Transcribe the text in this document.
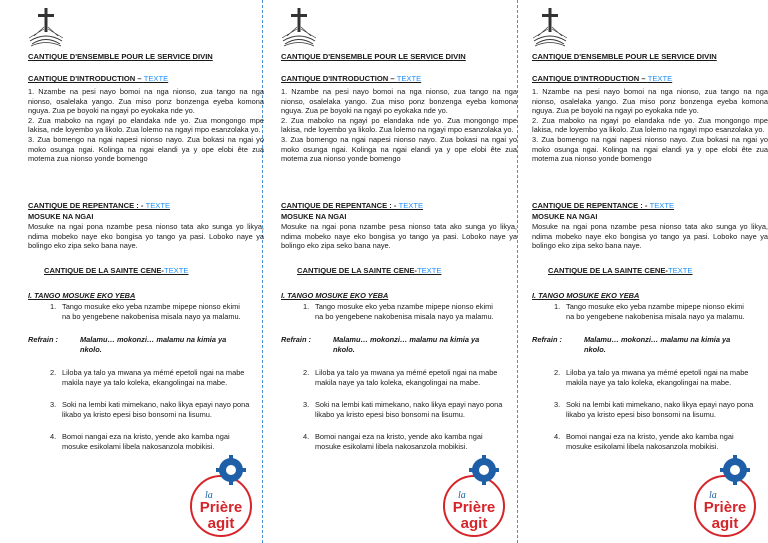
CANTIQUE D'ENSEMBLE POUR LE SERVICE DIVIN
CANTIQUE D'INTRODUCTION – TEXTE

1. Nzambe na pesi nayo bomoi na nga nionso, zua tango na nga nionso, osalelaka yango. Zua miso ponz bonzenga eyeba komona nguya. Zua pe boyoki na ngayi po eyokaka nde yo.

2. Zua maboko na ngayi po elandaka nde yo. Zua mongongo mpe lakisa, nde loyembo ya likolo. Zua lolemo na ngayi mpo esanzolaka yo.

3. Zua bomengo na ngai napesi nionso nayo. Zua bokasi na ngai yo moko osunga ngai. Kolinga na ngai elandi ya y ope elobi ête zua motema zua nionso yonde bomengo

CANTIQUE DE REPENTANCE : - TEXTE
MOSUKE NA NGAI
Mosuke na ngai pona nzambe pesa nionso tata ako sunga yo likya, ndima mobeko naye eko bongisa yo tango ya pasi. Loboko naye ya bolingo eko zipa seko bana naye.
CANTIQUE DE LA SAINTE CENE-TEXTE
I. TANGO MOSUKE EKO YEBA
1. Tango mosuke eko yeba nzambe mipepe nionso ekimi na bo yengebene nakobenisa misala nayo ya malamu.
Refrain :	Malamu… mokonzi… malamu na kimia ya nkolo.
2. Liloba ya talo ya mwana ya mémé epetoli ngai na mabe makila naye ya talo koleka, ekangolingai na mabe.
3. Soki na lembi kati mimekano, nako likya epayi nayo pona likabo ya kristo epesi biso bonsomi na lisumu.
4. Bomoi nangai eza na kristo, yende ako kamba ngai mosuke esikolami libela nakosanzola mobikisi.
la
Prière
agit
CANTIQUE D'ENSEMBLE POUR LE SERVICE DIVIN
CANTIQUE D'INTRODUCTION – TEXTE

1. Nzambe na pesi nayo bomoi na nga nionso, zua tango na nga nionso, osalelaka yango. Zua miso ponz bonzenga eyeba komona nguya. Zua pe boyoki na ngayi po eyokaka nde yo.

2. Zua maboko na ngayi po elandaka nde yo. Zua mongongo mpe lakisa, nde loyembo ya likolo. Zua lolemo na ngayi mpo esanzolaka yo.

3. Zua bomengo na ngai napesi nionso nayo. Zua bokasi na ngai yo moko osunga ngai. Kolinga na ngai elandi ya y ope elobi ête zua motema zua nionso yonde bomengo

CANTIQUE DE REPENTANCE : - TEXTE
MOSUKE NA NGAI
Mosuke na ngai pona nzambe pesa nionso tata ako sunga yo likya, ndima mobeko naye eko bongisa yo tango ya pasi. Loboko naye ya bolingo eko zipa seko bana naye.
CANTIQUE DE LA SAINTE CENE-TEXTE
I. TANGO MOSUKE EKO YEBA
1. Tango mosuke eko yeba nzambe mipepe nionso ekimi na bo yengebene nakobenisa misala nayo ya malamu.
Refrain :	Malamu… mokonzi… malamu na kimia ya nkolo.
2. Liloba ya talo ya mwana ya mémé epetoli ngai na mabe makila naye ya talo koleka, ekangolingai na mabe.
3. Soki na lembi kati mimekano, nako likya epayi nayo pona likabo ya kristo epesi biso bonsomi na lisumu.
4. Bomoi nangai eza na kristo, yende ako kamba ngai mosuke esikolami libela nakosanzola mobikisi.
la
Prière
agit
CANTIQUE D'ENSEMBLE POUR LE SERVICE DIVIN
CANTIQUE D'INTRODUCTION – TEXTE

1. Nzambe na pesi nayo bomoi na nga nionso, zua tango na nga nionso, osalelaka yango. Zua miso ponz bonzenga eyeba komona nguya. Zua pe boyoki na ngayi po eyokaka nde yo.

2. Zua maboko na ngayi po elandaka nde yo. Zua mongongo mpe lakisa, nde loyembo ya likolo. Zua lolemo na ngayi mpo esanzolaka yo.

3. Zua bomengo na ngai napesi nionso nayo. Zua bokasi na ngai yo moko osunga ngai. Kolinga na ngai elandi ya y ope elobi ête zua motema zua nionso yonde bomengo

CANTIQUE DE REPENTANCE : - TEXTE
MOSUKE NA NGAI
Mosuke na ngai pona nzambe pesa nionso tata ako sunga yo likya, ndima mobeko naye eko bongisa yo tango ya pasi. Loboko naye ya bolingo eko zipa seko bana naye.
CANTIQUE DE LA SAINTE CENE-TEXTE
I. TANGO MOSUKE EKO YEBA
1. Tango mosuke eko yeba nzambe mipepe nionso ekimi na bo yengebene nakobenisa misala nayo ya malamu.
Refrain :	Malamu… mokonzi… malamu na kimia ya nkolo.
2. Liloba ya talo ya mwana ya mémé epetoli ngai na mabe makila naye ya talo koleka, ekangolingai na mabe.
3. Soki na lembi kati mimekano, nako likya epayi nayo pona likabo ya kristo epesi biso bonsomi na lisumu.
4. Bomoi nangai eza na kristo, yende ako kamba ngai mosuke esikolami libela nakosanzola mobikisi.
la
Prière
agit
